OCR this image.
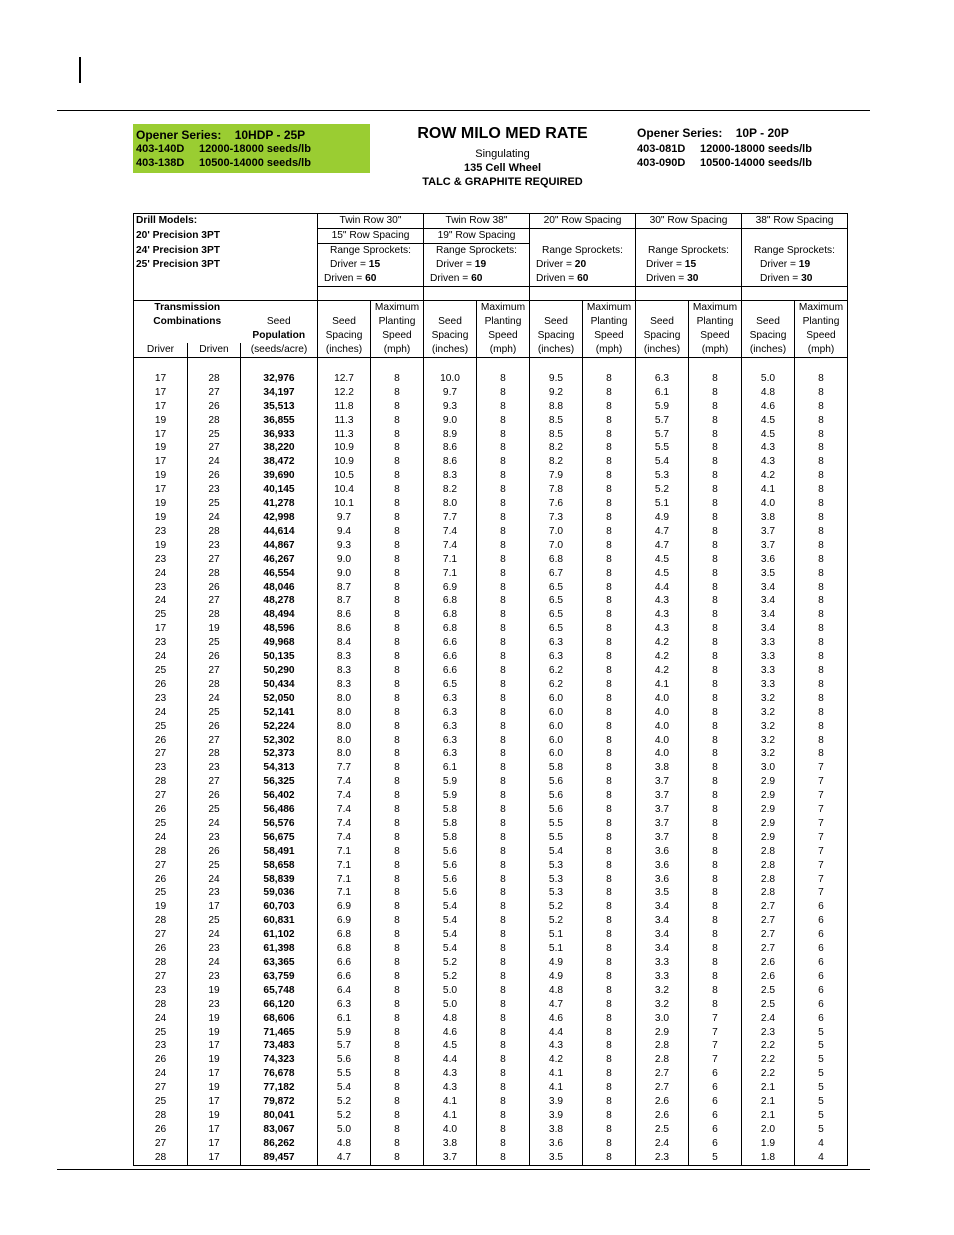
Opener Series:    10HDP - 25P
403-140D	12000-18000 seeds/lb
403-138D	10500-14000 seeds/lb
ROW MILO MED RATE
Singulating
135 Cell Wheel
TALC & GRAPHITE REQUIRED
Opener Series:    10P - 20P
403-081D	12000-18000 seeds/lb
403-090D	10500-14000 seeds/lb
Drill Models:			Twin Row 30"		Twin Row 38"		20" Row Spacing		30" Row Spacing		38" Row Spacing	
20' Precision 3PT			15" Row Spacing		19" Row Spacing							
24' Precision 3PT			Range Sprockets:		Range Sprockets:		Range Sprockets:		Range Sprockets:		Range Sprockets:	
25' Precision 3PT			Driver = 15		Driver = 19		Driver = 20		Driver = 15		Driver = 19	
			Driven = 60		Driven = 60		Driven = 60		Driven = 30		Driven = 30	

Transmission				Maximum		Maximum		Maximum		Maximum		Maximum
Combinations		Seed	Seed	Planting	Seed	Planting	Seed	Planting	Seed	Planting	Seed	Planting
		Population	Spacing	Speed	Spacing	Speed	Spacing	Speed	Spacing	Speed	Spacing	Speed
Driver	Driven	(seeds/acre)	(inches)	(mph)	(inches)	(mph)	(inches)	(mph)	(inches)	(mph)	(inches)	(mph)

17	28	32,976	12.7	8	10.0	8	9.5	8	6.3	8	5.0	8
17	27	34,197	12.2	8	9.7	8	9.2	8	6.1	8	4.8	8
17	26	35,513	11.8	8	9.3	8	8.8	8	5.9	8	4.6	8
19	28	36,855	11.3	8	9.0	8	8.5	8	5.7	8	4.5	8
17	25	36,933	11.3	8	8.9	8	8.5	8	5.7	8	4.5	8
19	27	38,220	10.9	8	8.6	8	8.2	8	5.5	8	4.3	8
17	24	38,472	10.9	8	8.6	8	8.2	8	5.4	8	4.3	8
19	26	39,690	10.5	8	8.3	8	7.9	8	5.3	8	4.2	8
17	23	40,145	10.4	8	8.2	8	7.8	8	5.2	8	4.1	8
19	25	41,278	10.1	8	8.0	8	7.6	8	5.1	8	4.0	8
19	24	42,998	9.7	8	7.7	8	7.3	8	4.9	8	3.8	8
23	28	44,614	9.4	8	7.4	8	7.0	8	4.7	8	3.7	8
19	23	44,867	9.3	8	7.4	8	7.0	8	4.7	8	3.7	8
23	27	46,267	9.0	8	7.1	8	6.8	8	4.5	8	3.6	8
24	28	46,554	9.0	8	7.1	8	6.7	8	4.5	8	3.5	8
23	26	48,046	8.7	8	6.9	8	6.5	8	4.4	8	3.4	8
24	27	48,278	8.7	8	6.8	8	6.5	8	4.3	8	3.4	8
25	28	48,494	8.6	8	6.8	8	6.5	8	4.3	8	3.4	8
17	19	48,596	8.6	8	6.8	8	6.5	8	4.3	8	3.4	8
23	25	49,968	8.4	8	6.6	8	6.3	8	4.2	8	3.3	8
24	26	50,135	8.3	8	6.6	8	6.3	8	4.2	8	3.3	8
25	27	50,290	8.3	8	6.6	8	6.2	8	4.2	8	3.3	8
26	28	50,434	8.3	8	6.5	8	6.2	8	4.1	8	3.3	8
23	24	52,050	8.0	8	6.3	8	6.0	8	4.0	8	3.2	8
24	25	52,141	8.0	8	6.3	8	6.0	8	4.0	8	3.2	8
25	26	52,224	8.0	8	6.3	8	6.0	8	4.0	8	3.2	8
26	27	52,302	8.0	8	6.3	8	6.0	8	4.0	8	3.2	8
27	28	52,373	8.0	8	6.3	8	6.0	8	4.0	8	3.2	8
23	23	54,313	7.7	8	6.1	8	5.8	8	3.8	8	3.0	7
28	27	56,325	7.4	8	5.9	8	5.6	8	3.7	8	2.9	7
27	26	56,402	7.4	8	5.9	8	5.6	8	3.7	8	2.9	7
26	25	56,486	7.4	8	5.8	8	5.6	8	3.7	8	2.9	7
25	24	56,576	7.4	8	5.8	8	5.5	8	3.7	8	2.9	7
24	23	56,675	7.4	8	5.8	8	5.5	8	3.7	8	2.9	7
28	26	58,491	7.1	8	5.6	8	5.4	8	3.6	8	2.8	7
27	25	58,658	7.1	8	5.6	8	5.3	8	3.6	8	2.8	7
26	24	58,839	7.1	8	5.6	8	5.3	8	3.6	8	2.8	7
25	23	59,036	7.1	8	5.6	8	5.3	8	3.5	8	2.8	7
19	17	60,703	6.9	8	5.4	8	5.2	8	3.4	8	2.7	6
28	25	60,831	6.9	8	5.4	8	5.2	8	3.4	8	2.7	6
27	24	61,102	6.8	8	5.4	8	5.1	8	3.4	8	2.7	6
26	23	61,398	6.8	8	5.4	8	5.1	8	3.4	8	2.7	6
28	24	63,365	6.6	8	5.2	8	4.9	8	3.3	8	2.6	6
27	23	63,759	6.6	8	5.2	8	4.9	8	3.3	8	2.6	6
23	19	65,748	6.4	8	5.0	8	4.8	8	3.2	8	2.5	6
28	23	66,120	6.3	8	5.0	8	4.7	8	3.2	8	2.5	6
24	19	68,606	6.1	8	4.8	8	4.6	8	3.0	7	2.4	6
25	19	71,465	5.9	8	4.6	8	4.4	8	2.9	7	2.3	5
23	17	73,483	5.7	8	4.5	8	4.3	8	2.8	7	2.2	5
26	19	74,323	5.6	8	4.4	8	4.2	8	2.8	7	2.2	5
24	17	76,678	5.5	8	4.3	8	4.1	8	2.7	6	2.2	5
27	19	77,182	5.4	8	4.3	8	4.1	8	2.7	6	2.1	5
25	17	79,872	5.2	8	4.1	8	3.9	8	2.6	6	2.1	5
28	19	80,041	5.2	8	4.1	8	3.9	8	2.6	6	2.1	5
26	17	83,067	5.0	8	4.0	8	3.8	8	2.5	6	2.0	5
27	17	86,262	4.8	8	3.8	8	3.6	8	2.4	6	1.9	4
28	17	89,457	4.7	8	3.7	8	3.5	8	2.3	5	1.8	4
